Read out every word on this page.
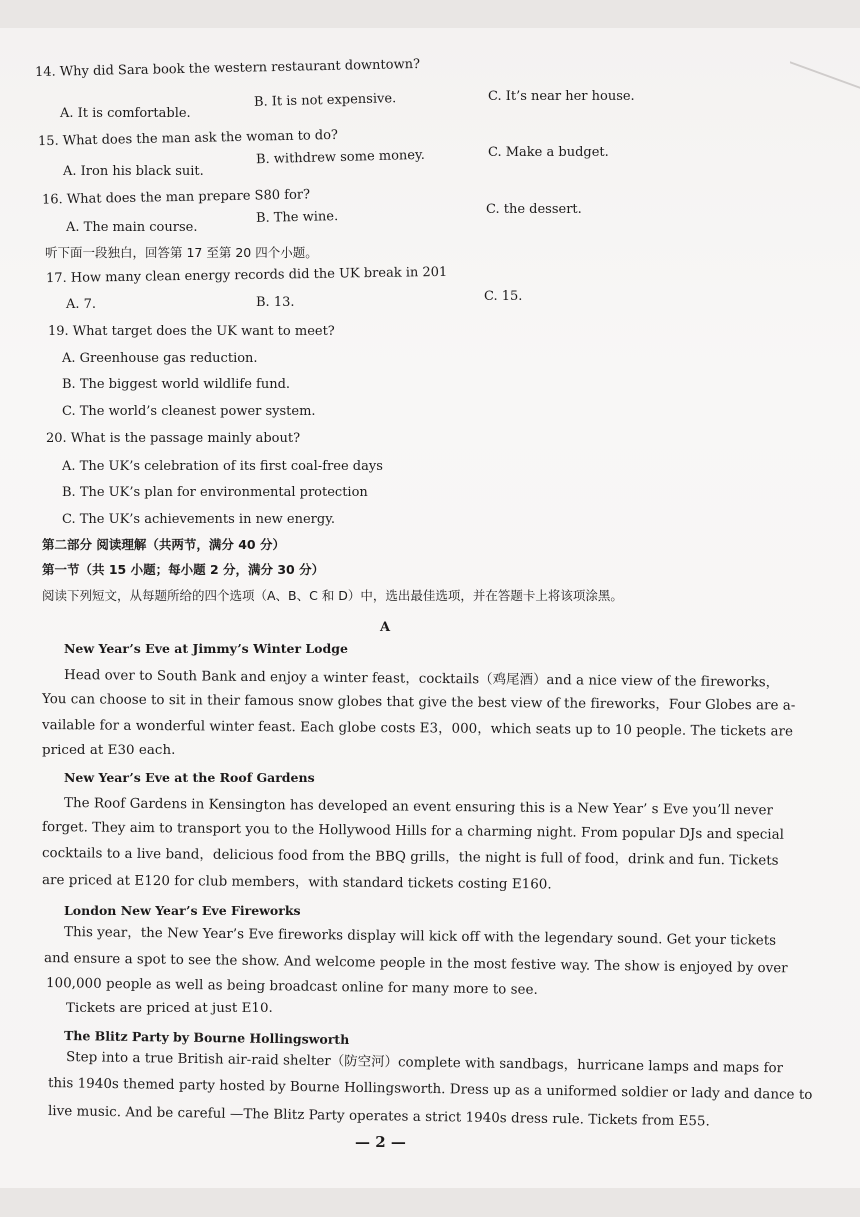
14. Why did Sara book the western restaurant downtown?
A. It is comfortable.
B. It is not expensive.	C. It’s near her house.
15. What does the man ask the woman to do?
A. Iron his black suit.
B. withdrew some money.	C. Make a budget.
16. What does the man prepare S80 for?
A. The main course.
B. The wine.	C. the dessert.
听下面一段独白，回答第 17 至第 20 四个小题。
17. How many clean energy records did the UK break in 201
A. 7.	B. 13.	C. 15.
19. What target does the UK want to meet?
A. Greenhouse gas reduction.
B. The biggest world wildlife fund.
C. The world’s cleanest power system.
20. What is the passage mainly about?
A. The UK’s celebration of its first coal-free days
B. The UK’s plan for environmental protection
C. The UK’s achievements in new energy.
第二部分 阅读理解（共两节，满分 40 分）
第一节（共 15 小题；每小题 2 分，满分 30 分）
阅读下列短文，从每题所给的四个选项（A、B、C 和 D）中，选出最佳选项，并在答题卡上将该项涂黑。
A
New Year’s Eve at Jimmy’s Winter Lodge
Head over to South Bank and enjoy a winter feast，cocktails（鸡尾酒）and a nice view of the fireworks，
You can choose to sit in their famous snow globes that give the best view of the fireworks，Four Globes are a-
vailable for a wonderful winter feast. Each globe costs E3，000，which seats up to 10 people. The tickets are
priced at E30 each.
New Year’s Eve at the Roof Gardens
The Roof Gardens in Kensington has developed an event ensuring this is a New Year’ s Eve you’ll never
forget. They aim to transport you to the Hollywood Hills for a charming night. From popular DJs and special
cocktails to a live band，delicious food from the BBQ grills，the night is full of food，drink and fun. Tickets
are priced at E120 for club members，with standard tickets costing E160.
London New Year’s Eve Fireworks
This year，the New Year’s Eve fireworks display will kick off with the legendary sound. Get your tickets
and ensure a spot to see the show. And welcome people in the most festive way. The show is enjoyed by over
100,000 people as well as being broadcast online for many more to see.
Tickets are priced at just E10.
The Blitz Party by Bourne Hollingsworth
Step into a true British air-raid shelter（防空河）complete with sandbags，hurricane lamps and maps for
this 1940s themed party hosted by Bourne Hollingsworth. Dress up as a uniformed soldier or lady and dance to
live music. And be careful —The Blitz Party operates a strict 1940s dress rule. Tickets from E55.
— 2 —
